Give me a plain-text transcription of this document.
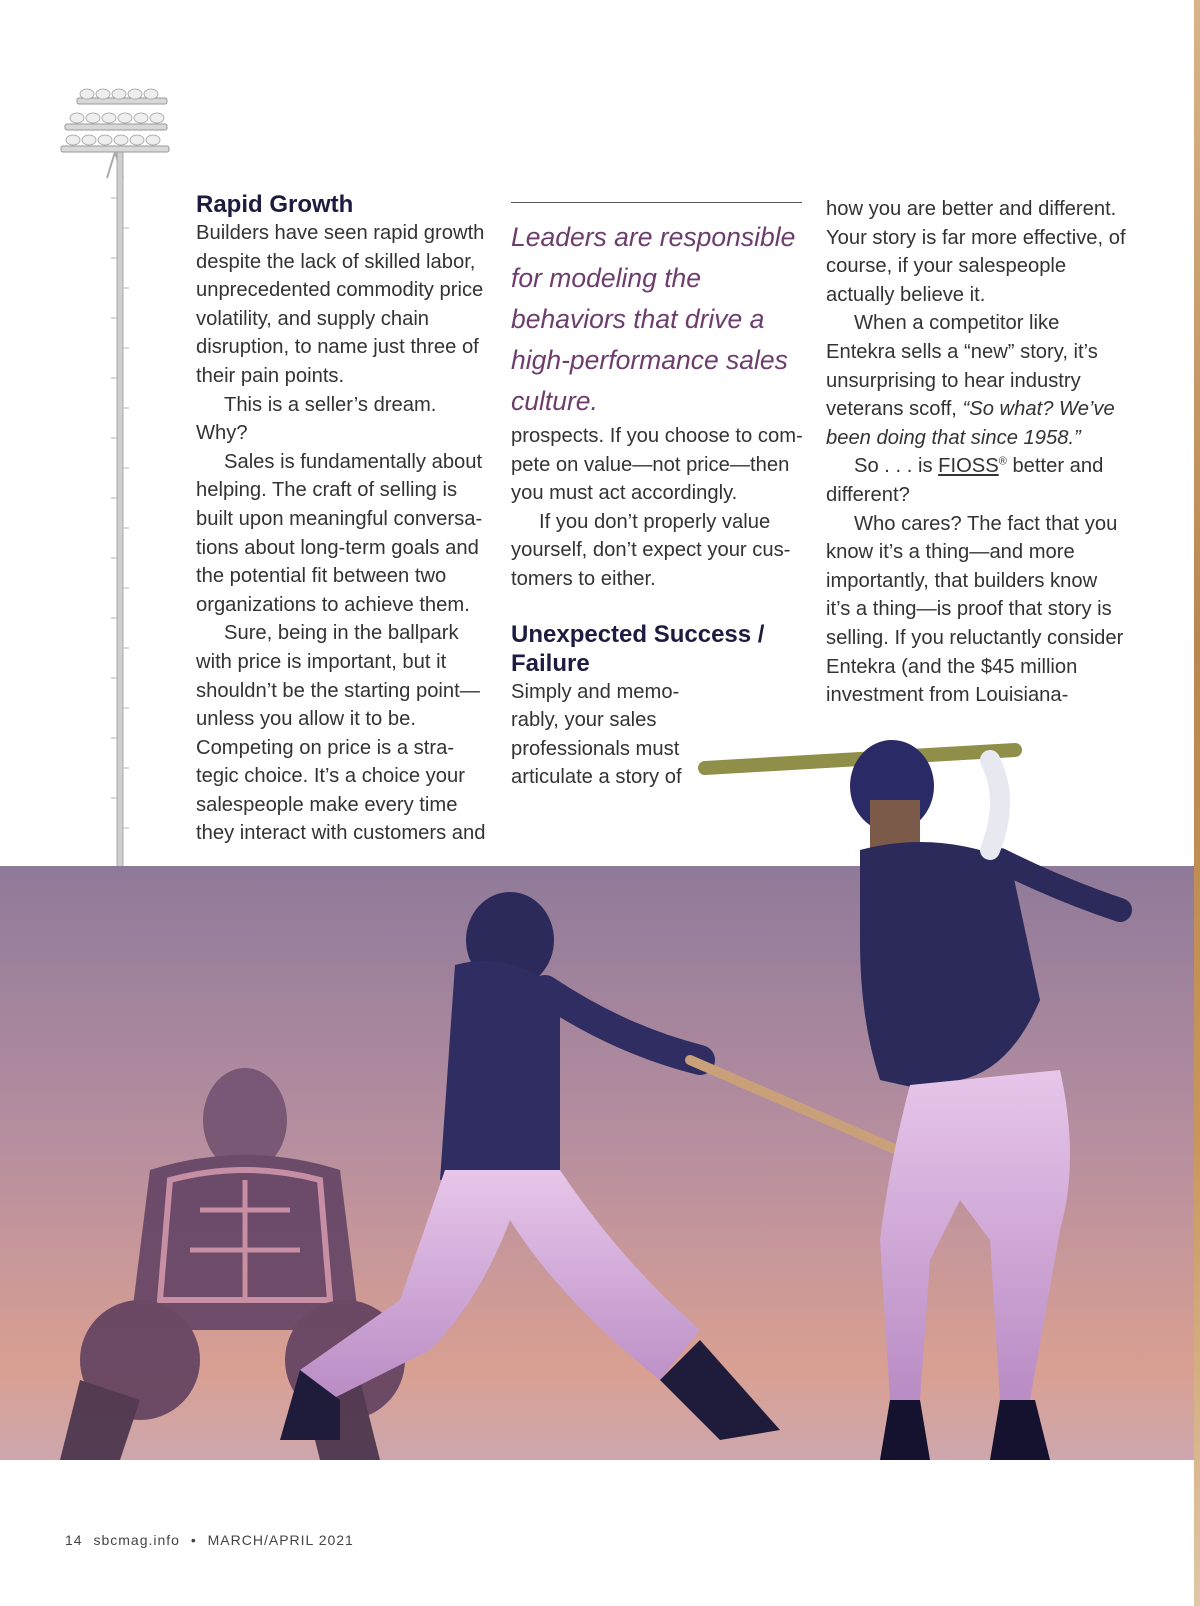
Rapid Growth

Builders have seen rapid growth despite the lack of skilled labor, unprecedented commodity price volatility, and supply chain disruption, to name just three of their pain points.

This is a seller’s dream. Why?

Sales is fundamentally about helping. The craft of selling is built upon meaningful conversa-tions about long-term goals and the potential fit between two organizations to achieve them.

Sure, being in the ballpark with price is important, but it shouldn’t be the starting point—unless you allow it to be. Competing on price is a stra-tegic choice. It’s a choice your salespeople make every time they interact with customers and

Leaders are responsible for modeling the behaviors that drive a high-performance sales culture.

prospects. If you choose to com-pete on value—not price—then you must act accordingly.

If you don’t properly value yourself, don’t expect your cus-tomers to either.

Unexpected Success / Failure

Simply and memo-rably, your sales professionals must articulate a story of

how you are better and different. Your story is far more effective, of course, if your salespeople actually believe it.

When a competitor like Entekra sells a “new” story, it’s unsurprising to hear industry veterans scoff, “So what? We’ve been doing that since 1958.”

So . . . is FIOSS® better and different?

Who cares? The fact that you know it’s a thing—and more importantly, that builders know it’s a thing—is proof that story is selling. If you reluctantly consider Entekra (and the $45 million investment from Louisiana-

14 sbcmag.info • MARCH/APRIL 2021
